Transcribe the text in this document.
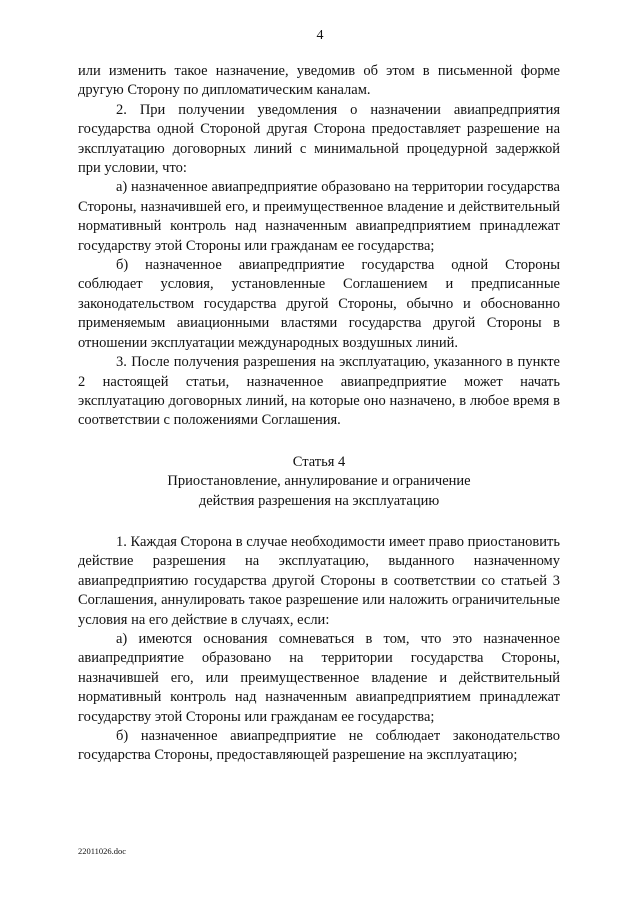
4

или изменить такое назначение, уведомив об этом в письменной форме другую Сторону по дипломатическим каналам.

2. При получении уведомления о назначении авиапредприятия государства одной Стороной другая Сторона предоставляет разрешение на эксплуатацию договорных линий с минимальной процедурной задержкой при условии, что:

а) назначенное авиапредприятие образовано на территории государства Стороны, назначившей его, и преимущественное владение и действительный нормативный контроль над назначенным авиапредприятием принадлежат государству этой Стороны или гражданам ее государства;

б) назначенное авиапредприятие государства одной Стороны соблюдает условия, установленные Соглашением и предписанные законодательством государства другой Стороны, обычно и обоснованно применяемым авиационными властями государства другой Стороны в отношении эксплуатации международных воздушных линий.

3. После получения разрешения на эксплуатацию, указанного в пункте 2 настоящей статьи, назначенное авиапредприятие может начать эксплуатацию договорных линий, на которые оно назначено, в любое время в соответствии с положениями Соглашения.

Статья 4
Приостановление, аннулирование и ограничение
действия разрешения на эксплуатацию

1. Каждая Сторона в случае необходимости имеет право приостановить действие разрешения на эксплуатацию, выданного назначенному авиапредприятию государства другой Стороны в соответствии со статьей 3 Соглашения, аннулировать такое разрешение или наложить ограничительные условия на его действие в случаях, если:

а) имеются основания сомневаться в том, что это назначенное авиапредприятие образовано на территории государства Стороны, назначившей его, или преимущественное владение и действительный нормативный контроль над назначенным авиапредприятием принадлежат государству этой Стороны или гражданам ее государства;

б) назначенное авиапредприятие не соблюдает законодательство государства Стороны, предоставляющей разрешение на эксплуатацию;

22011026.doc
